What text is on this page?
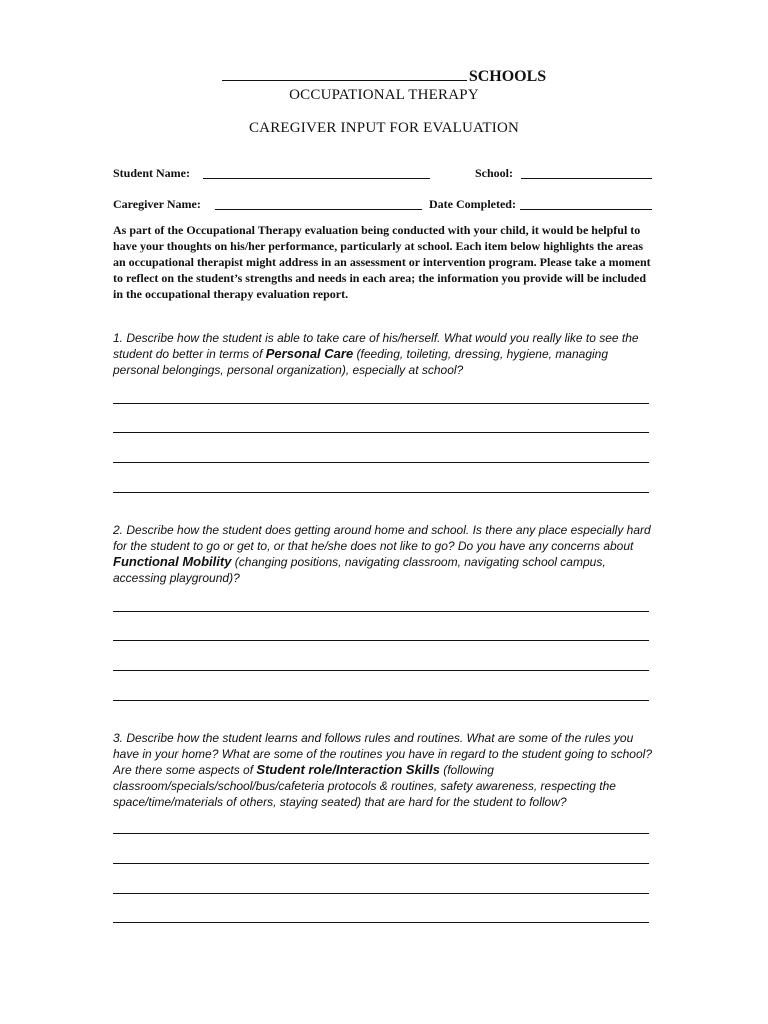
SCHOOLS
OCCUPATIONAL THERAPY
CAREGIVER INPUT FOR EVALUATION
Student Name:	School:
Caregiver Name:	Date Completed:
As part of the Occupational Therapy evaluation being conducted with your child, it would be helpful to have your thoughts on his/her performance, particularly at school. Each item below highlights the areas an occupational therapist might address in an assessment or intervention program. Please take a moment to reflect on the student’s strengths and needs in each area; the information you provide will be included in the occupational therapy evaluation report.
1. Describe how the student is able to take care of his/herself. What would you really like to see the student do better in terms of Personal Care (feeding, toileting, dressing, hygiene, managing personal belongings, personal organization), especially at school?
2. Describe how the student does getting around home and school. Is there any place especially hard for the student to go or get to, or that he/she does not like to go? Do you have any concerns about Functional Mobility (changing positions, navigating classroom, navigating school campus, accessing playground)?
3. Describe how the student learns and follows rules and routines. What are some of the rules you have in your home? What are some of the routines you have in regard to the student going to school? Are there some aspects of Student role/Interaction Skills (following classroom/specials/school/bus/cafeteria protocols & routines, safety awareness, respecting the space/time/materials of others, staying seated) that are hard for the student to follow?
